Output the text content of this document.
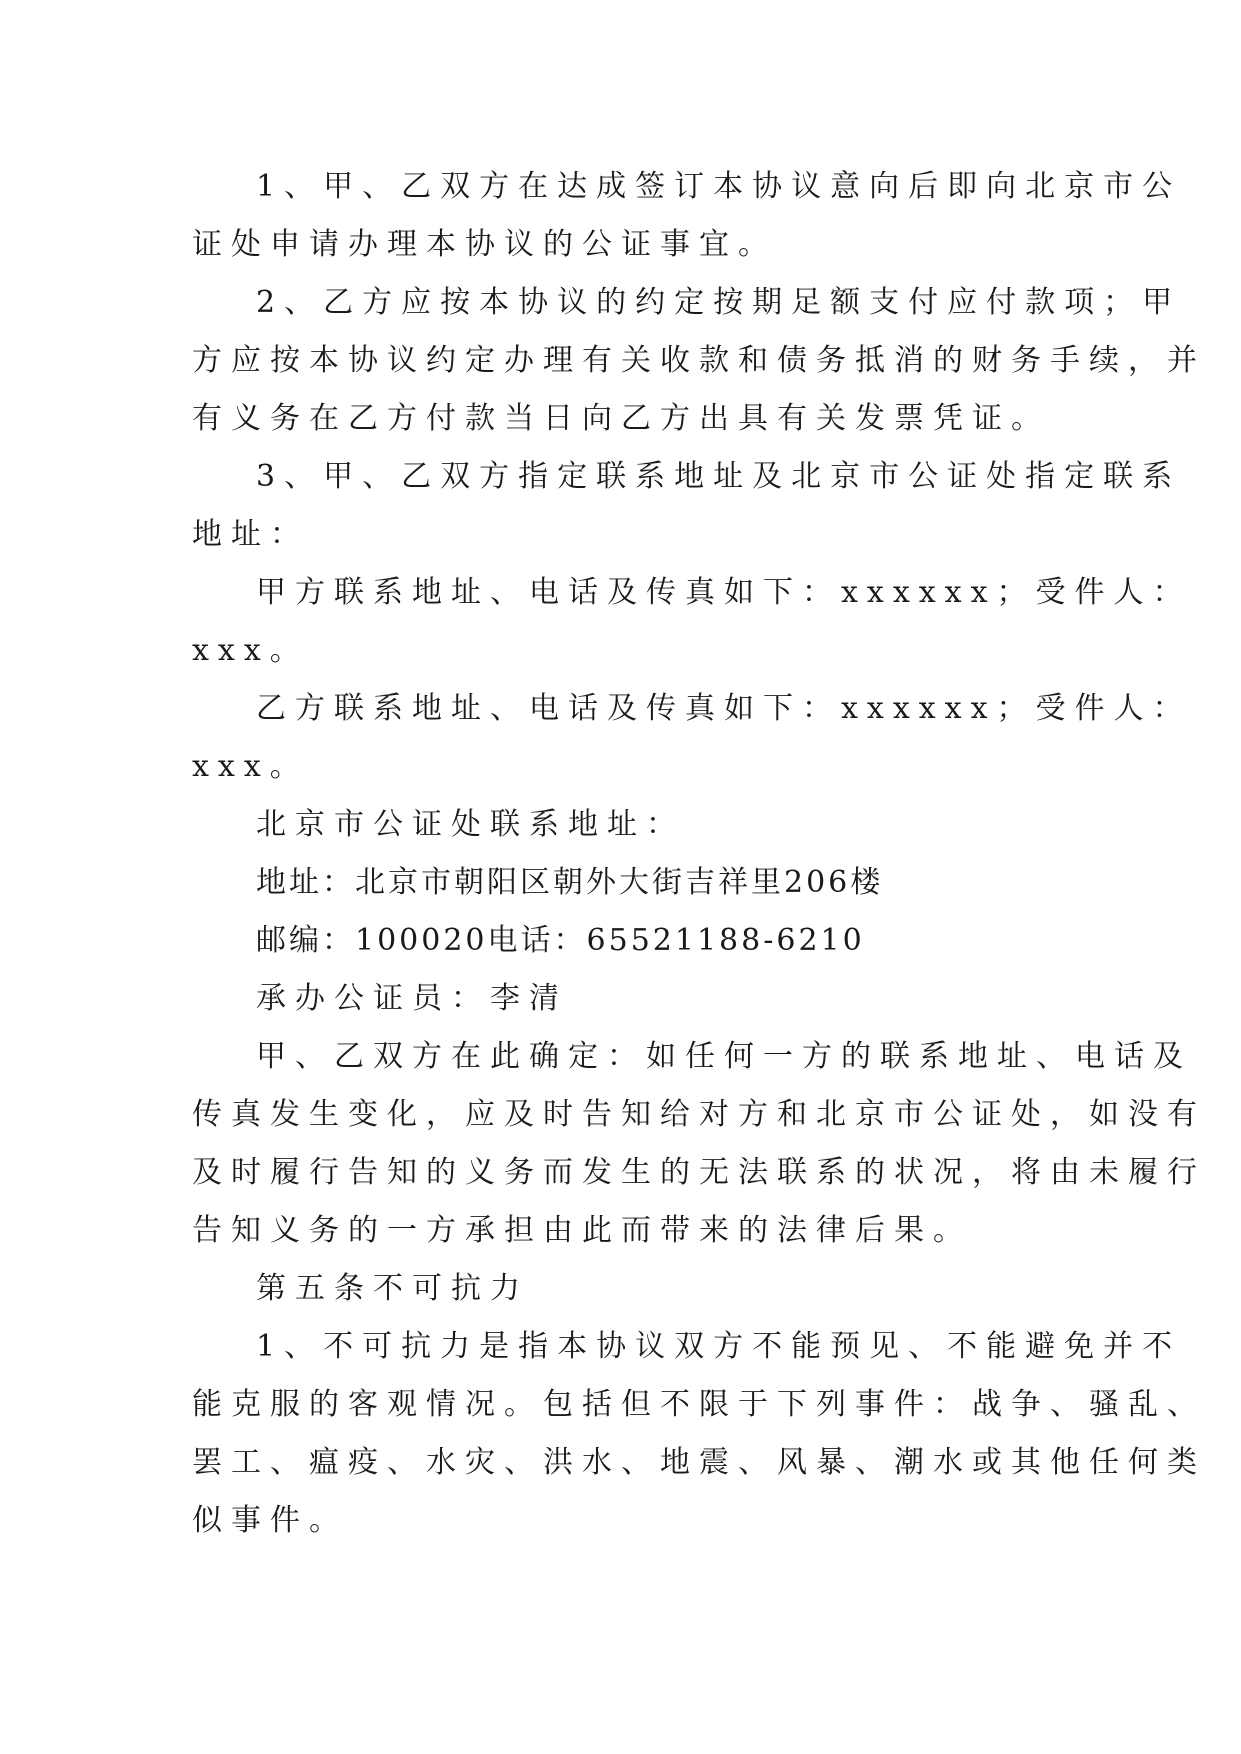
1、甲、乙双方在达成签订本协议意向后即向北京市公
证处申请办理本协议的公证事宜。
2、乙方应按本协议的约定按期足额支付应付款项；甲
方应按本协议约定办理有关收款和债务抵消的财务手续，并
有义务在乙方付款当日向乙方出具有关发票凭证。
3、甲、乙双方指定联系地址及北京市公证处指定联系
地址：
甲方联系地址、电话及传真如下：xxxxxx；受件人：
xxx。
乙方联系地址、电话及传真如下：xxxxxx；受件人：
xxx。
北京市公证处联系地址：
地址：北京市朝阳区朝外大街吉祥里206楼
邮编：100020电话：65521188-6210
承办公证员：李清
甲、乙双方在此确定：如任何一方的联系地址、电话及
传真发生变化，应及时告知给对方和北京市公证处，如没有
及时履行告知的义务而发生的无法联系的状况，将由未履行
告知义务的一方承担由此而带来的法律后果。
第五条不可抗力
1、不可抗力是指本协议双方不能预见、不能避免并不
能克服的客观情况。包括但不限于下列事件：战争、骚乱、
罢工、瘟疫、水灾、洪水、地震、风暴、潮水或其他任何类
似事件。
